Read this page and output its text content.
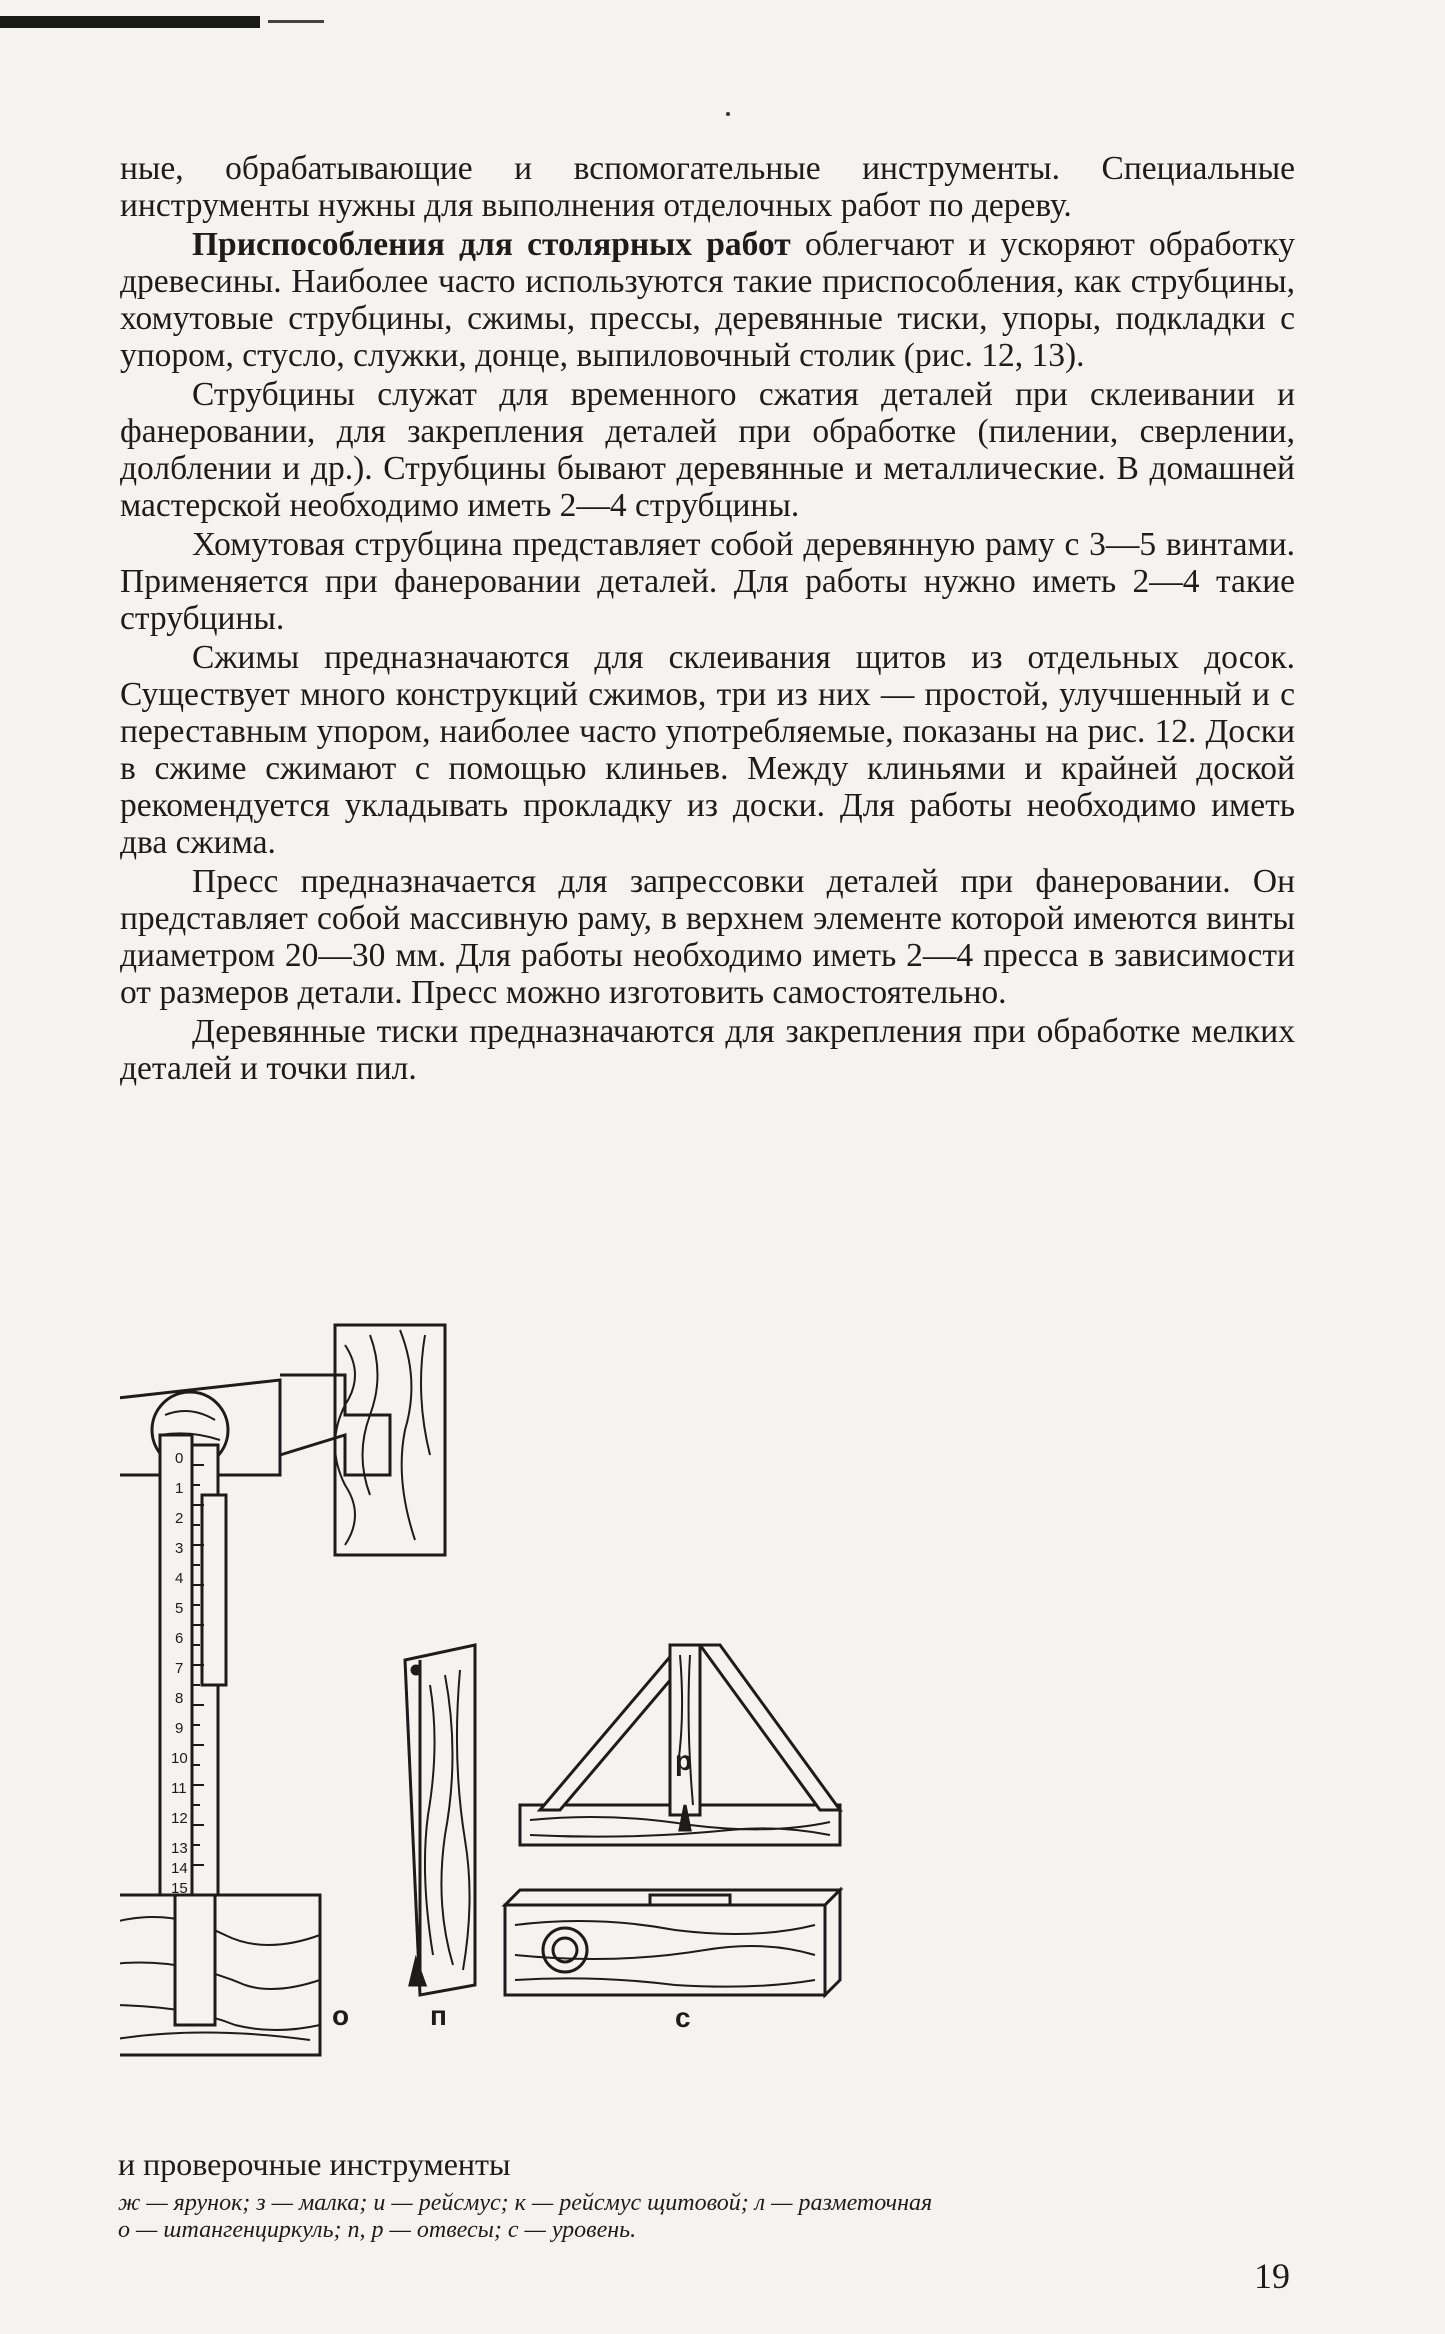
ные, обрабатывающие и вспомогательные инструменты. Специальные инструменты нужны для выполнения отделочных работ по дереву.

Приспособления для столярных работ облегчают и ускоряют обработку древесины. Наиболее часто используются такие приспособления, как струбцины, хомутовые струбцины, сжимы, прессы, деревянные тиски, упоры, подкладки с упором, стусло, служки, донце, выпиловочный столик (рис. 12, 13).

Струбцины служат для временного сжатия деталей при склеивании и фанеровании, для закрепления деталей при обработке (пилении, сверлении, долблении и др.). Струбцины бывают деревянные и металлические. В домашней мастерской необходимо иметь 2—4 струбцины.

Хомутовая струбцина представляет собой деревянную раму с 3—5 винтами. Применяется при фанеровании деталей. Для работы нужно иметь 2—4 такие струбцины.

Сжимы предназначаются для склеивания щитов из отдельных досок. Существует много конструкций сжимов, три из них — простой, улучшенный и с переставным упором, наиболее часто употребляемые, показаны на рис. 12. Доски в сжиме сжимают с помощью клиньев. Между клиньями и крайней доской рекомендуется укладывать прокладку из доски. Для работы необходимо иметь два сжима.

Пресс предназначается для запрессовки деталей при фанеровании. Он представляет собой массивную раму, в верхнем элементе которой имеются винты диаметром 20—30 мм. Для работы необходимо иметь 2—4 пресса в зависимости от размеров детали. Пресс можно изготовить самостоятельно.

Деревянные тиски предназначаются для закрепления при обработке мелких деталей и точки пил.

0
1
2
3
4
5
6
7
8
9
10
11
12
13
14
15
о	п
р
с
и проверочные инструменты
ж — ярунок; з — малка; и — рейсмус; к — рейсмус щитовой; л — разметочная
о — штангенциркуль; п, р — отвесы; с — уровень.
19
